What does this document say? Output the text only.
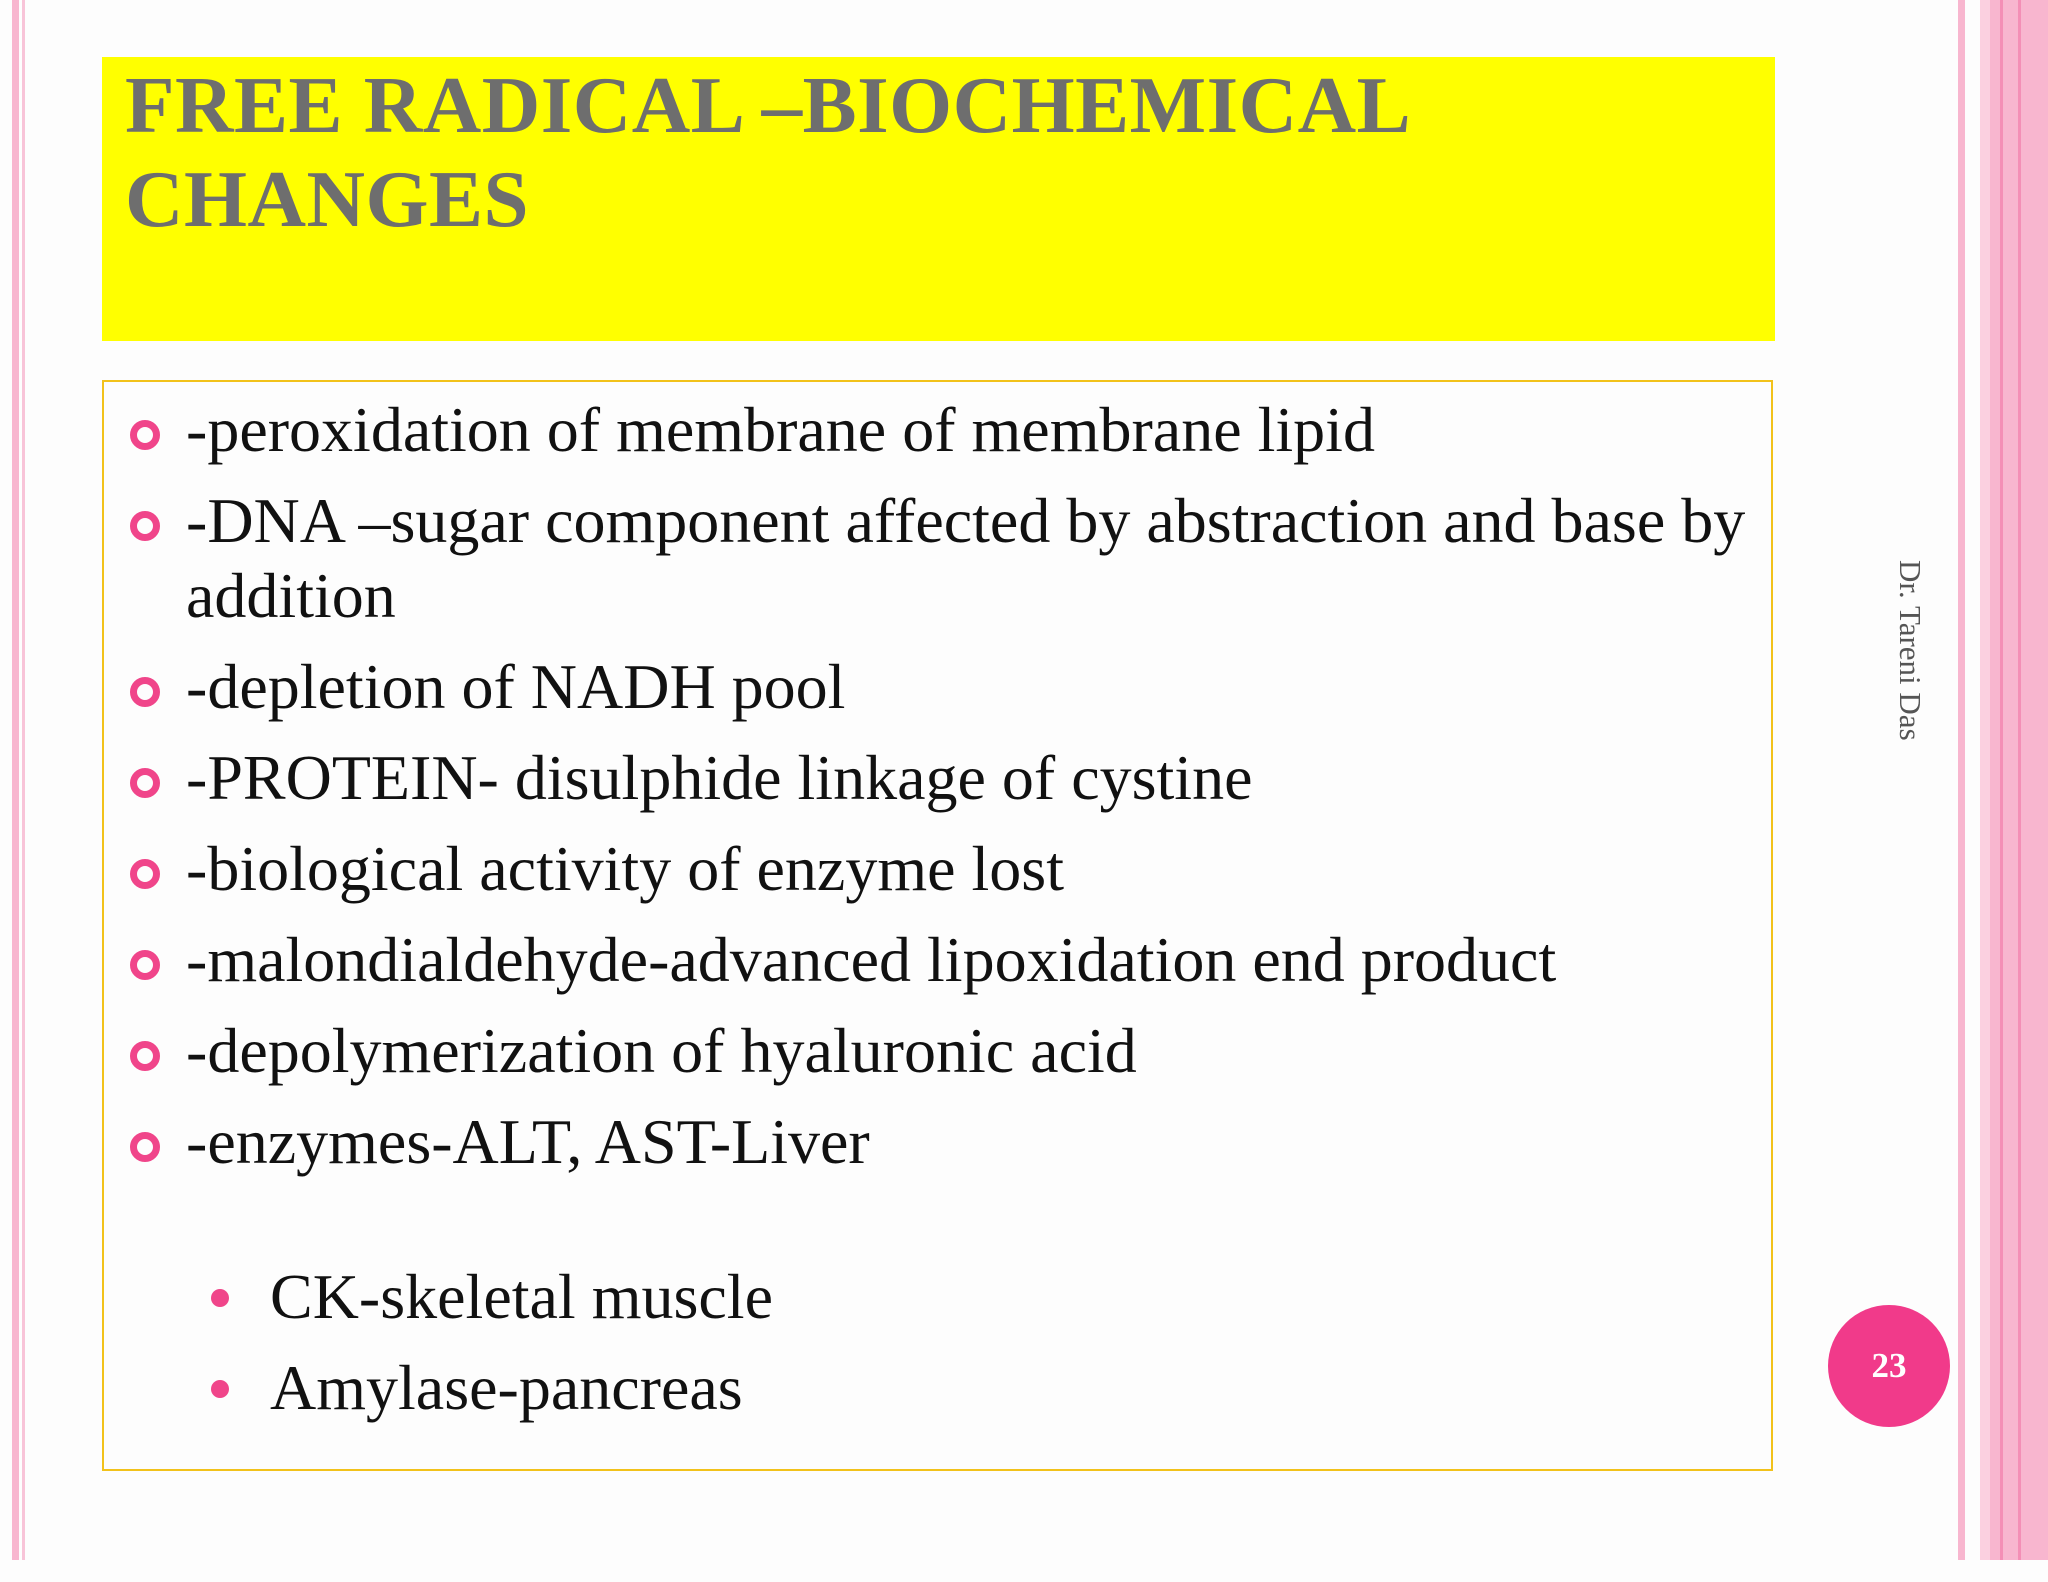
FREE RADICAL –BIOCHEMICAL CHANGES
-peroxidation of membrane of membrane lipid
-DNA –sugar component affected by abstraction and base by addition
-depletion of NADH pool
-PROTEIN- disulphide linkage of cystine
-biological activity of enzyme lost
-malondialdehyde-advanced lipoxidation end product
-depolymerization of hyaluronic acid
-enzymes-ALT, AST-Liver
CK-skeletal muscle
Amylase-pancreas
Dr. Tareni Das
23
